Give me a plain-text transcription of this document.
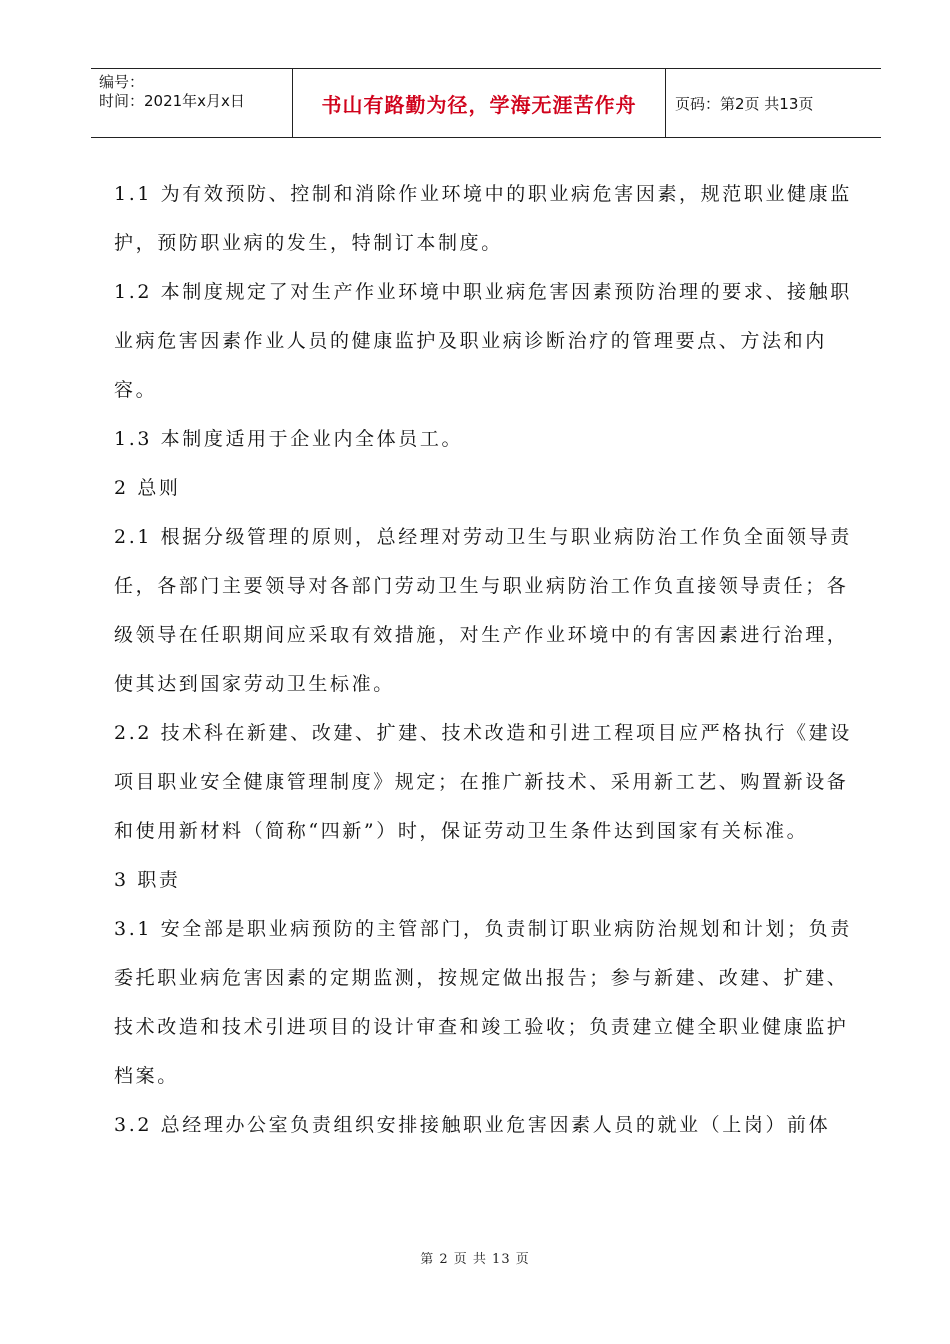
编号：
时间：2021年x月x日	书山有路勤为径，学海无涯苦作舟	页码：第2页 共13页

1.1 为有效预防、控制和消除作业环境中的职业病危害因素，规范职业健康监护，预防职业病的发生，特制订本制度。

1.2 本制度规定了对生产作业环境中职业病危害因素预防治理的要求、接触职业病危害因素作业人员的健康监护及职业病诊断治疗的管理要点、方法和内容。

1.3 本制度适用于企业内全体员工。

2 总则

2.1 根据分级管理的原则，总经理对劳动卫生与职业病防治工作负全面领导责任，各部门主要领导对各部门劳动卫生与职业病防治工作负直接领导责任；各级领导在任职期间应采取有效措施，对生产作业环境中的有害因素进行治理，使其达到国家劳动卫生标准。

2.2 技术科在新建、改建、扩建、技术改造和引进工程项目应严格执行《建设项目职业安全健康管理制度》规定；在推广新技术、采用新工艺、购置新设备和使用新材料（简称“四新”）时，保证劳动卫生条件达到国家有关标准。

3 职责

3.1 安全部是职业病预防的主管部门，负责制订职业病防治规划和计划；负责委托职业病危害因素的定期监测，按规定做出报告；参与新建、改建、扩建、技术改造和技术引进项目的设计审查和竣工验收；负责建立健全职业健康监护档案。

3.2 总经理办公室负责组织安排接触职业危害因素人员的就业（上岗）前体

第 2 页 共 13 页
